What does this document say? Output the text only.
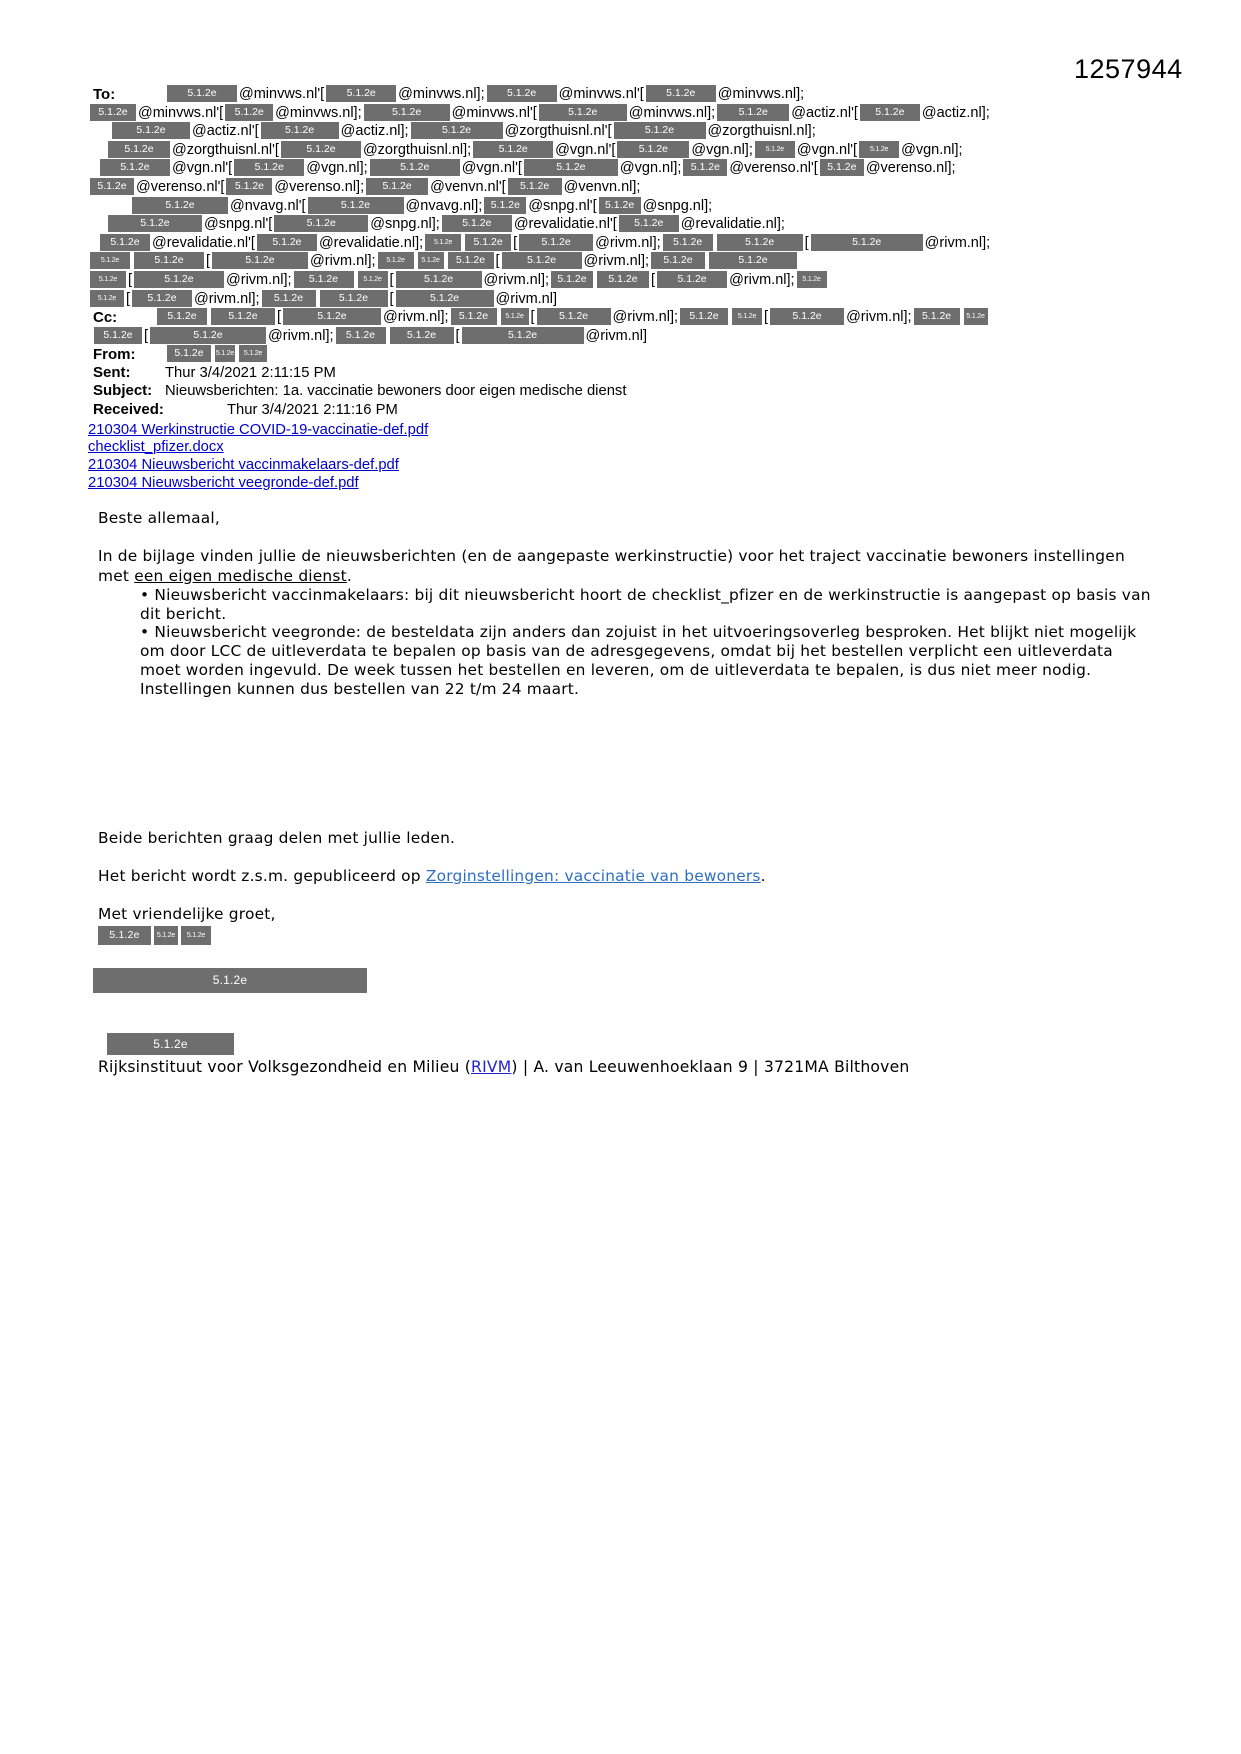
1257944
To:	5.1.2e @minvws.nl'[ 5.1.2e @minvws.nl]; 5.1.2e @minvws.nl'[ 5.1.2e @minvws.nl];
5.1.2e @minvws.nl'[ 5.1.2e @minvws.nl];	5.1.2e @minvws.nl'[	5.1.2e @minvws.nl]; 5.1.2e @actiz.nl'[ 5.1.2e @actiz.nl];
5.1.2e @actiz.nl'[	5.1.2e @actiz.nl];	5.1.2e @zorgthuisnl.nl'[	5.1.2e @zorgthuisnl.nl];
5.1.2e @zorgthuisnl.nl'[	5.1.2e @zorgthuisnl.nl];	5.1.2e @vgn.nl'[ 5.1.2e @vgn.nl]; 5.1.2e @vgn.nl'[ 5.1.2e @vgn.nl];
5.1.2e @vgn.nl'[ 5.1.2e @vgn.nl];	5.1.2e @vgn.nl'[	5.1.2e @vgn.nl]; 5.1.2e @verenso.nl'[ 5.1.2e @verenso.nl];
5.1.2e @verenso.nl'[ 5.1.2e @verenso.nl]; 5.1.2e @venvn.nl'[ 5.1.2e @venvn.nl];
5.1.2e @nvavg.nl'[	5.1.2e @nvavg.nl]; 5.1.2e @snpg.nl'[ 5.1.2e @snpg.nl];
5.1.2e @snpg.nl'[	5.1.2e @snpg.nl]; 5.1.2e @revalidatie.nl'[ 5.1.2e @revalidatie.nl];
5.1.2e @revalidatie.nl'[ 5.1.2e @revalidatie.nl]; 5.1.2e 5.1.2e [ 5.1.2e @rivm.nl]; 5.1.2e	5.1.2e [	5.1.2e	@rivm.nl];
5.1.2e	5.1.2e [	5.1.2e @rivm.nl]; 5.1.2e 5.1.2e 5.1.2e [	5.1.2e @rivm.nl]; 5.1.2e	5.1.2e
5.1.2e [	5.1.2e @rivm.nl]; 5.1.2e	5.1.2e [	5.1.2e @rivm.nl]; 5.1.2e 5.1.2e [ 5.1.2e @rivm.nl]; 5.1.2e
5.1.2e [ 5.1.2e @rivm.nl]; 5.1.2e	5.1.2e [	5.1.2e	@rivm.nl]
Cc:	5.1.2e	5.1.2e [	5.1.2e	@rivm.nl]; 5.1.2e 5.1.2e [ 5.1.2e @rivm.nl]; 5.1.2e	5.1.2e [ 5.1.2e @rivm.nl]; 5.1.2e 5.1.2e
5.1.2e [	5.1.2e	@rivm.nl]; 5.1.2e	5.1.2e [	5.1.2e	@rivm.nl]
From:	5.1.2e 5.1.2e 5.1.2e
Sent: Thur 3/4/2021 2:11:15 PM
Subject: Nieuwsberichten: 1a. vaccinatie bewoners door eigen medische dienst
Received:	Thur 3/4/2021 2:11:16 PM
210304 Werkinstructie COVID-19-vaccinatie-def.pdf
checklist_pfizer.docx
210304 Nieuwsbericht vaccinmakelaars-def.pdf
210304 Nieuwsbericht veegronde-def.pdf
Beste allemaal,
In de bijlage vinden jullie de nieuwsberichten (en de aangepaste werkinstructie) voor het traject vaccinatie bewoners instellingen met een eigen medische dienst.
• Nieuwsbericht vaccinmakelaars: bij dit nieuwsbericht hoort de checklist_pfizer en de werkinstructie is aangepast op basis van dit bericht.
• Nieuwsbericht veegronde: de besteldata zijn anders dan zojuist in het uitvoeringsoverleg besproken. Het blijkt niet mogelijk om door LCC de uitleverdata te bepalen op basis van de adresgegevens, omdat bij het bestellen verplicht een uitleverdata moet worden ingevuld. De week tussen het bestellen en leveren, om de uitleverdata te bepalen, is dus niet meer nodig. Instellingen kunnen dus bestellen van 22 t/m 24 maart.
Beide berichten graag delen met jullie leden.
Het bericht wordt z.s.m. gepubliceerd op Zorginstellingen: vaccinatie van bewoners.
Met vriendelijke groet,
5.1.2e 5.1.2e 5.1.2e
5.1.2e
5.1.2e
Rijksinstituut voor Volksgezondheid en Milieu (RIVM) | A. van Leeuwenhoeklaan 9 | 3721MA Bilthoven
